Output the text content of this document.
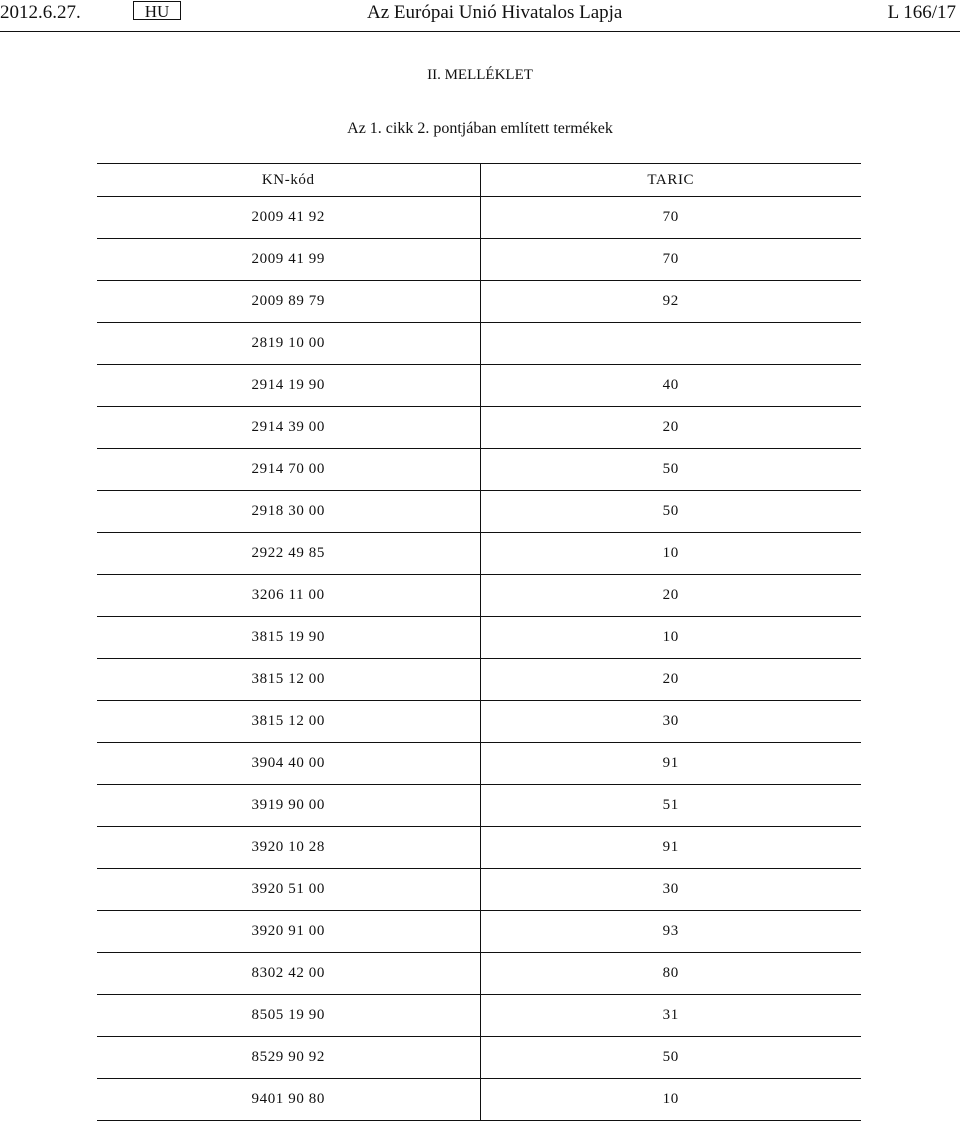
2012.6.27.	HU	Az Európai Unió Hivatalos Lapja	L 166/17
II. MELLÉKLET
Az 1. cikk 2. pontjában említett termékek
KN-kód	TARIC
2009 41 92	70
2009 41 99	70
2009 89 79	92
2819 10 00	
2914 19 90	40
2914 39 00	20
2914 70 00	50
2918 30 00	50
2922 49 85	10
3206 11 00	20
3815 19 90	10
3815 12 00	20
3815 12 00	30
3904 40 00	91
3919 90 00	51
3920 10 28	91
3920 51 00	30
3920 91 00	93
8302 42 00	80
8505 19 90	31
8529 90 92	50
9401 90 80	10
